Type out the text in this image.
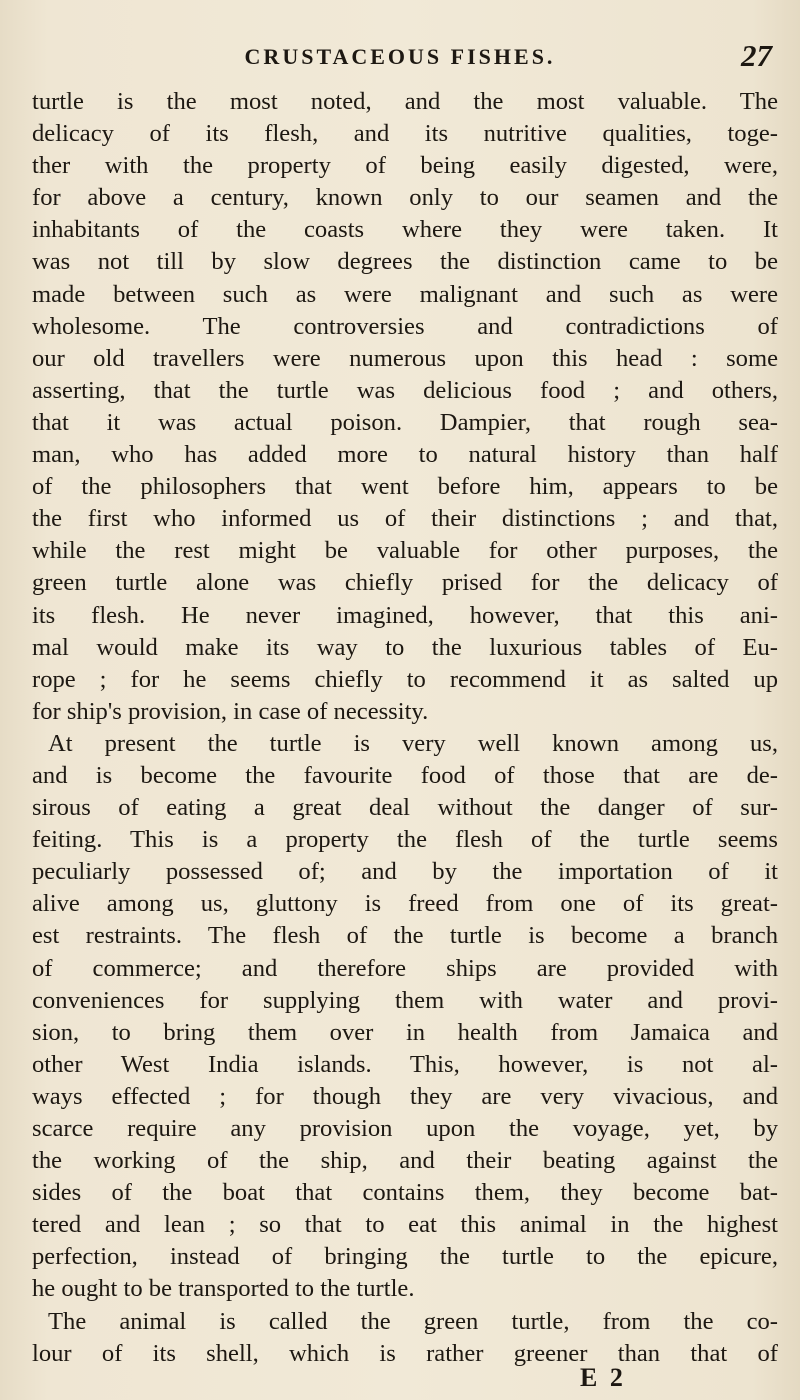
CRUSTACEOUS FISHES.	27
turtle is the most noted, and the most valuable. The
delicacy of its flesh, and its nutritive qualities, toge-
ther with the property of being easily digested, were,
for above a century, known only to our seamen and the
inhabitants of the coasts where they were taken. It
was not till by slow degrees the distinction came to be
made between such as were malignant and such as were
wholesome. The controversies and contradictions of
our old travellers were numerous upon this head : some
asserting, that the turtle was delicious food ; and others,
that it was actual poison. Dampier, that rough sea-
man, who has added more to natural history than half
of the philosophers that went before him, appears to be
the first who informed us of their distinctions ; and that,
while the rest might be valuable for other purposes, the
green turtle alone was chiefly prised for the delicacy of
its flesh. He never imagined, however, that this ani-
mal would make its way to the luxurious tables of Eu-
rope ; for he seems chiefly to recommend it as salted up
for ship's provision, in case of necessity.
At present the turtle is very well known among us,
and is become the favourite food of those that are de-
sirous of eating a great deal without the danger of sur-
feiting. This is a property the flesh of the turtle seems
peculiarly possessed of; and by the importation of it
alive among us, gluttony is freed from one of its great-
est restraints. The flesh of the turtle is become a branch
of commerce; and therefore ships are provided with
conveniences for supplying them with water and provi-
sion, to bring them over in health from Jamaica and
other West India islands. This, however, is not al-
ways effected ; for though they are very vivacious, and
scarce require any provision upon the voyage, yet, by
the working of the ship, and their beating against the
sides of the boat that contains them, they become bat-
tered and lean ; so that to eat this animal in the highest
perfection, instead of bringing the turtle to the epicure,
he ought to be transported to the turtle.
The animal is called the green turtle, from the co-
lour of its shell, which is rather greener than that of
E 2
